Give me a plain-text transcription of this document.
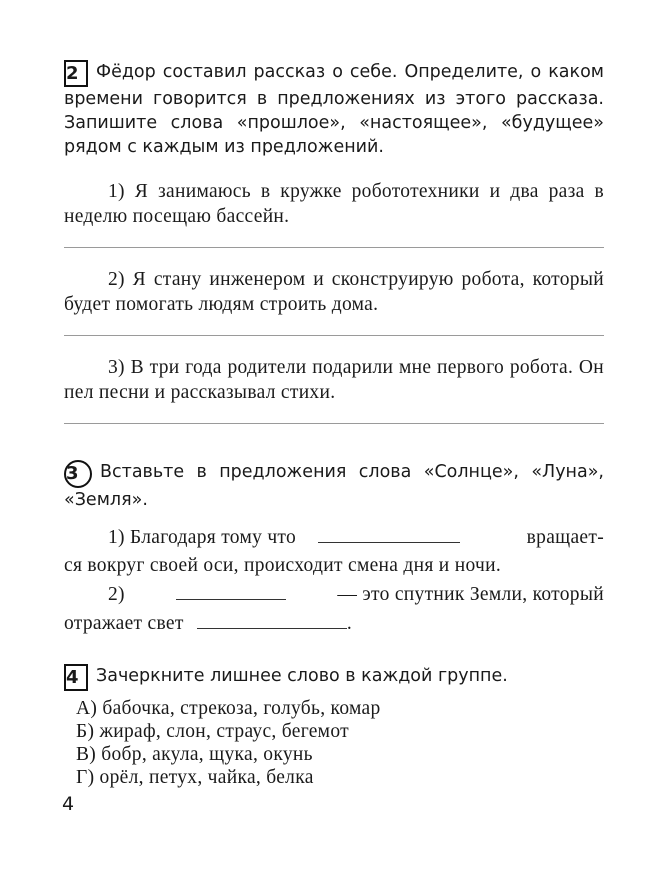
2 Фёдор составил рассказ о себе. Определите, о каком времени говорится в предложениях из этого рассказа. Запишите слова «прошлое», «настоящее», «будущее» рядом с каждым из предложений.
1) Я занимаюсь в кружке робототехники и два раза в неделю посещаю бассейн.
2) Я стану инженером и сконструирую робота, который будет помогать людям строить дома.
3) В три года родители подарили мне первого робота. Он пел песни и рассказывал стихи.
3 Вставьте в предложения слова «Солнце», «Луна», «Земля».
1) Благодаря тому что	вращает-
ся вокруг своей оси, происходит смена дня и ночи.
2)	— это спутник Земли, который
отражает свет	.
4 Зачеркните лишнее слово в каждой группе.
А) бабочка, стрекоза, голубь, комар
Б) жираф, слон, страус, бегемот
В) бобр, акула, щука, окунь
Г) орёл, петух, чайка, белка
4
